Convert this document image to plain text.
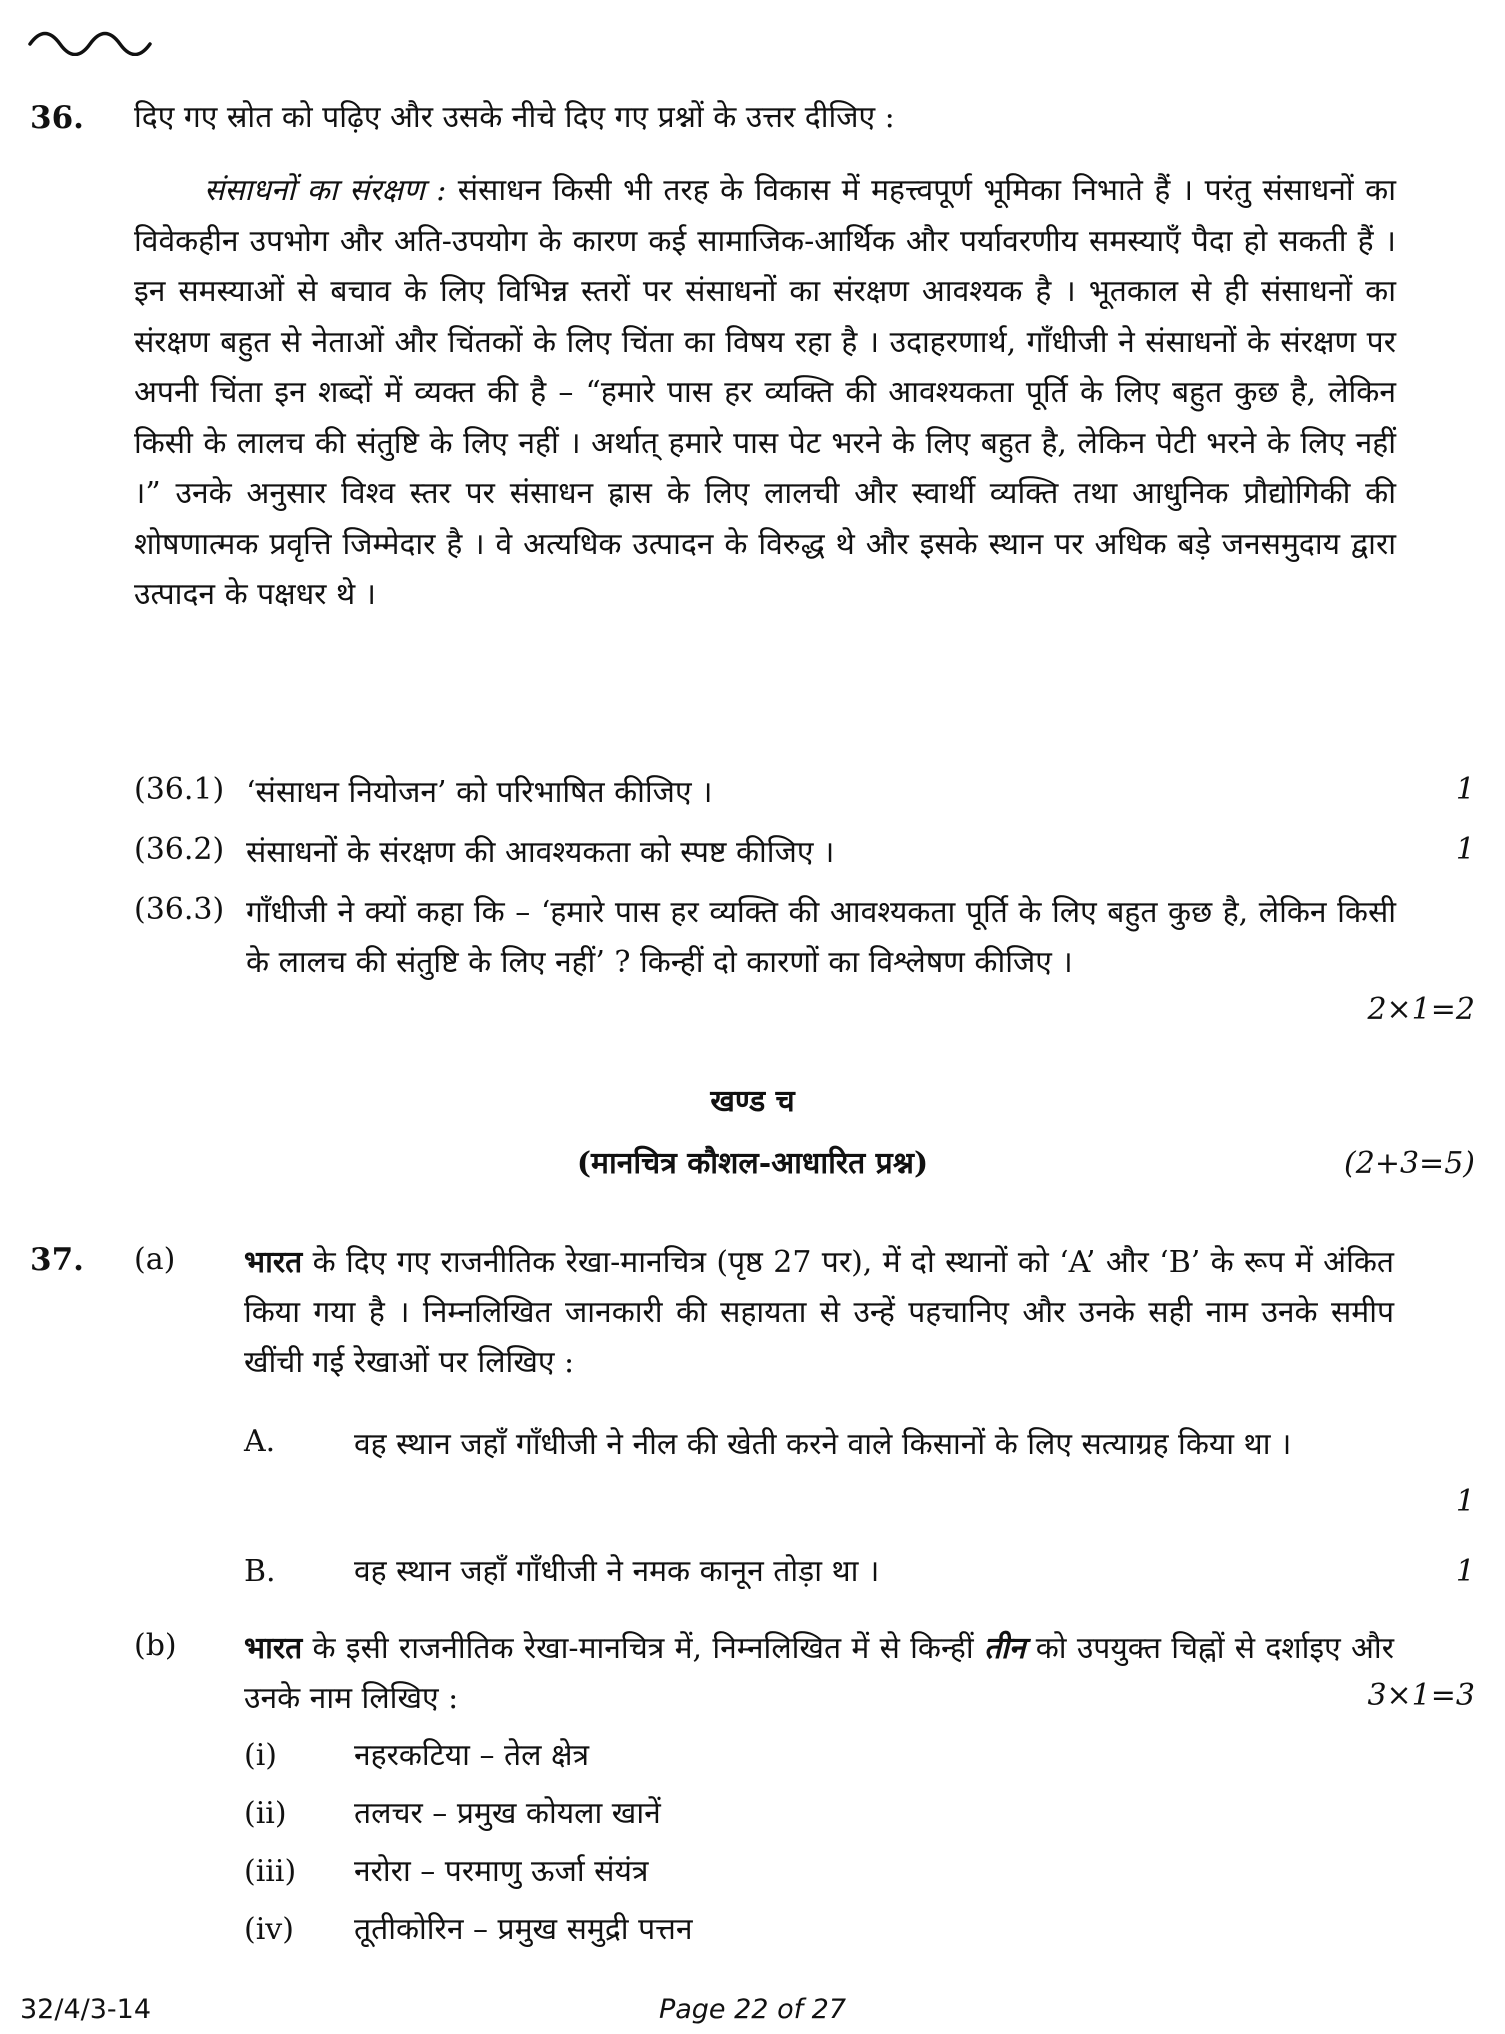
36. दिए गए स्रोत को पढ़िए और उसके नीचे दिए गए प्रश्नों के उत्तर दीजिए :
संसाधनों का संरक्षण : संसाधन किसी भी तरह के विकास में महत्त्वपूर्ण भूमिका निभाते हैं । परंतु संसाधनों का विवेकहीन उपभोग और अति-उपयोग के कारण कई सामाजिक-आर्थिक और पर्यावरणीय समस्याएँ पैदा हो सकती हैं । इन समस्याओं से बचाव के लिए विभिन्न स्तरों पर संसाधनों का संरक्षण आवश्यक है । भूतकाल से ही संसाधनों का संरक्षण बहुत से नेताओं और चिंतकों के लिए चिंता का विषय रहा है । उदाहरणार्थ, गाँधीजी ने संसाधनों के संरक्षण पर अपनी चिंता इन शब्दों में व्यक्त की है – “हमारे पास हर व्यक्ति की आवश्यकता पूर्ति के लिए बहुत कुछ है, लेकिन किसी के लालच की संतुष्टि के लिए नहीं । अर्थात् हमारे पास पेट भरने के लिए बहुत है, लेकिन पेटी भरने के लिए नहीं ।” उनके अनुसार विश्व स्तर पर संसाधन ह्रास के लिए लालची और स्वार्थी व्यक्ति तथा आधुनिक प्रौद्योगिकी की शोषणात्मक प्रवृत्ति जिम्मेदार है । वे अत्यधिक उत्पादन के विरुद्ध थे और इसके स्थान पर अधिक बड़े जनसमुदाय द्वारा उत्पादन के पक्षधर थे ।
(36.1) ‘संसाधन नियोजन’ को परिभाषित कीजिए ।	1
(36.2) संसाधनों के संरक्षण की आवश्यकता को स्पष्ट कीजिए ।	1
(36.3) गाँधीजी ने क्यों कहा कि – ‘हमारे पास हर व्यक्ति की आवश्यकता पूर्ति के लिए बहुत कुछ है, लेकिन किसी के लालच की संतुष्टि के लिए नहीं’ ? किन्हीं दो कारणों का विश्लेषण कीजिए ।
2×1=2
खण्ड च
(मानचित्र कौशल-आधारित प्रश्न)	(2+3=5)
37. (a) भारत के दिए गए राजनीतिक रेखा-मानचित्र (पृष्ठ 27 पर), में दो स्थानों को ‘A’ और ‘B’ के रूप में अंकित किया गया है । निम्नलिखित जानकारी की सहायता से उन्हें पहचानिए और उनके सही नाम उनके समीप खींची गई रेखाओं पर लिखिए :
A.	वह स्थान जहाँ गाँधीजी ने नील की खेती करने वाले किसानों के लिए सत्याग्रह किया था ।
1
B.	वह स्थान जहाँ गाँधीजी ने नमक कानून तोड़ा था ।	1
(b) भारत के इसी राजनीतिक रेखा-मानचित्र में, निम्नलिखित में से किन्हीं तीन को उपयुक्त चिह्नों से दर्शाइए और उनके नाम लिखिए :	3×1=3
(i)	नहरकटिया – तेल क्षेत्र
(ii) तलचर – प्रमुख कोयला खानें
(iii) नरोरा – परमाणु ऊर्जा संयंत्र
(iv) तूतीकोरिन – प्रमुख समुद्री पत्तन
32/4/3-14	Page 22 of 27
